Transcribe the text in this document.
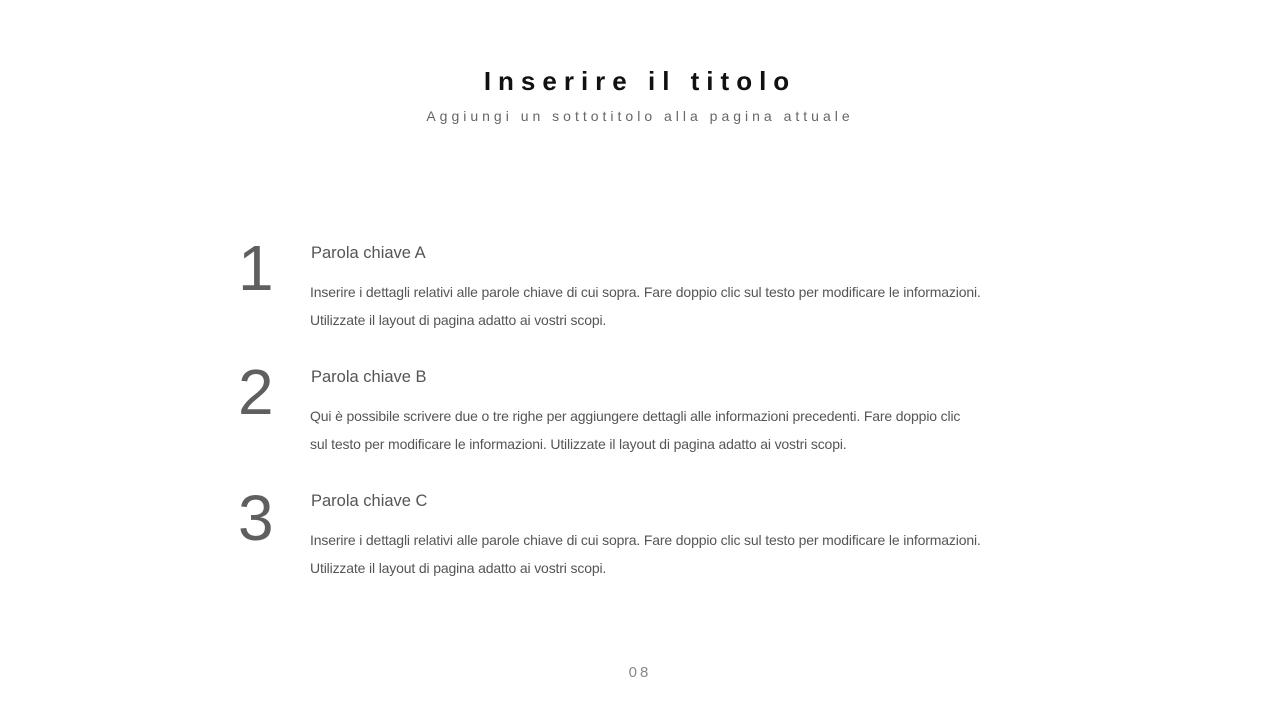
Inserire il titolo
Aggiungi un sottotitolo alla pagina attuale
1 Parola chiave A
Inserire i dettagli relativi alle parole chiave di cui sopra. Fare doppio clic sul testo per modificare le informazioni.
Utilizzate il layout di pagina adatto ai vostri scopi.
2 Parola chiave B
Qui è possibile scrivere due o tre righe per aggiungere dettagli alle informazioni precedenti. Fare doppio clic
sul testo per modificare le informazioni. Utilizzate il layout di pagina adatto ai vostri scopi.
3 Parola chiave C
Inserire i dettagli relativi alle parole chiave di cui sopra. Fare doppio clic sul testo per modificare le informazioni.
Utilizzate il layout di pagina adatto ai vostri scopi.
08
